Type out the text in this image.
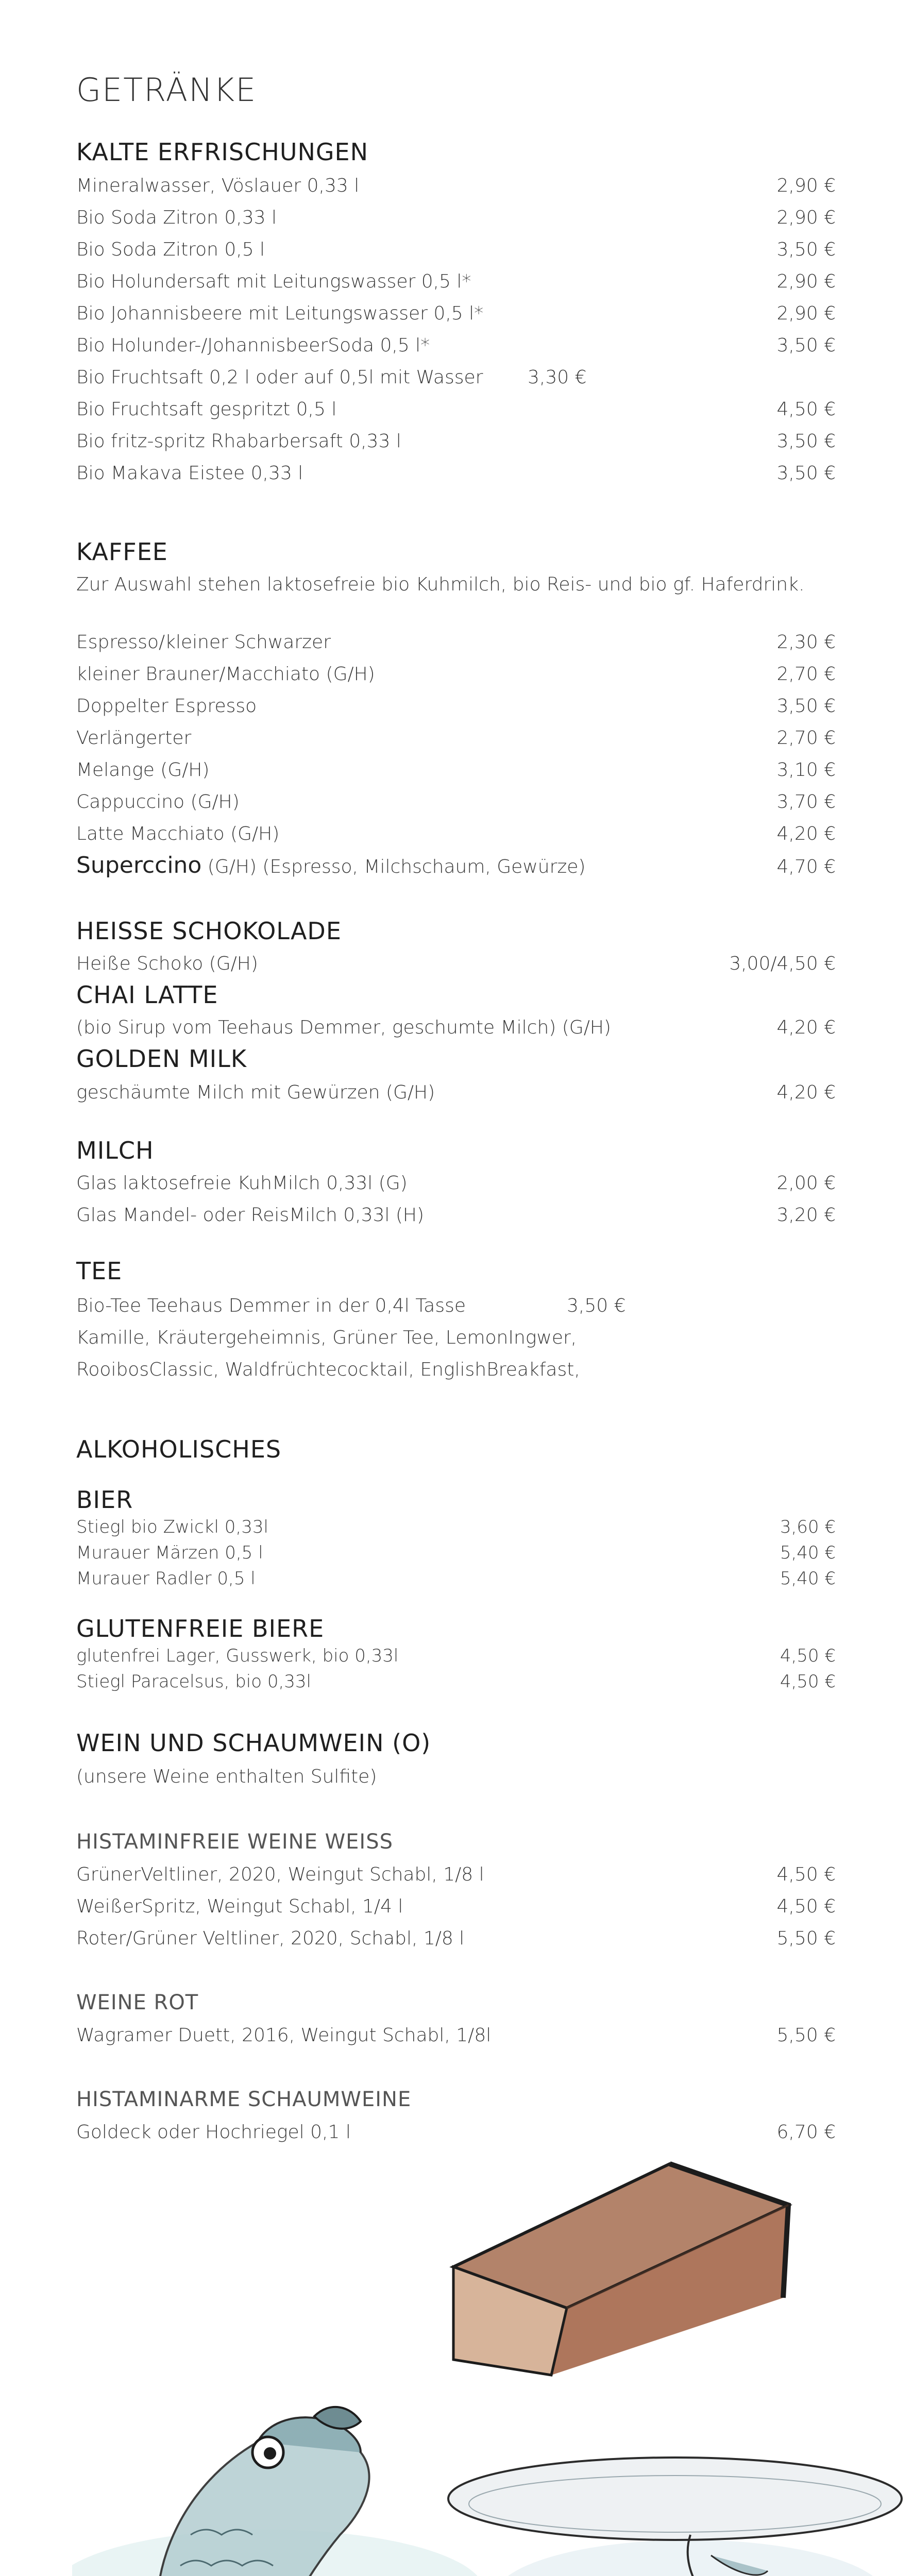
GETRÄNKE
KALTE ERFRISCHUNGEN
Mineralwasser, Vöslauer 0,33 l	2,90 €
Bio Soda Zitron 0,33 l	2,90 €
Bio Soda Zitron 0,5 l	3,50 €
Bio Holundersaft mit Leitungswasser 0,5 l*	2,90 €
Bio Johannisbeere mit Leitungswasser 0,5 l*	2,90 €
Bio Holunder-/JohannisbeerSoda 0,5 l*	3,50 €
Bio Fruchtsaft 0,2 l oder auf 0,5l mit Wasser 3,30 €
Bio Fruchtsaft gespritzt 0,5 l	4,50 €
Bio fritz-spritz Rhabarbersaft 0,33 l	3,50 €
Bio Makava Eistee 0,33 l	3,50 €
KAFFEE
Zur Auswahl stehen laktosefreie bio Kuhmilch, bio Reis- und bio gf. Haferdrink.
Espresso/kleiner Schwarzer	2,30 €
kleiner Brauner/Macchiato (G/H)	2,70 €
Doppelter Espresso	3,50 €
Verlängerter	2,70 €
Melange (G/H)	3,10 €
Cappuccino (G/H)	3,70 €
Latte Macchiato (G/H)	4,20 €
Superccino (G/H) (Espresso, Milchschaum, Gewürze)	4,70 €
HEISSE SCHOKOLADE
Heiße Schoko (G/H)	3,00/4,50 €
CHAI LATTE
(bio Sirup vom Teehaus Demmer, geschumte Milch) (G/H)	4,20 €
GOLDEN MILK
geschäumte Milch mit Gewürzen (G/H)	4,20 €
MILCH
Glas laktosefreie KuhMilch 0,33l (G)	2,00 €
Glas Mandel- oder ReisMilch 0,33l (H)	3,20 €
TEE
Bio-Tee Teehaus Demmer in der 0,4l Tasse	3,50 €
Kamille, Kräutergeheimnis, Grüner Tee, LemonIngwer,
RooibosClassic, Waldfrüchtecocktail, EnglishBreakfast,
ALKOHOLISCHES
BIER
Stiegl bio Zwickl 0,33l	3,60 €
Murauer Märzen 0,5 l	5,40 €
Murauer Radler 0,5 l	5,40 €
GLUTENFREIE BIERE
glutenfrei Lager, Gusswerk, bio 0,33l	4,50 €
Stiegl Paracelsus, bio 0,33l	4,50 €
WEIN UND SCHAUMWEIN (O)
(unsere Weine enthalten Sulfite)
HISTAMINFREIE WEINE WEISS
GrünerVeltliner, 2020, Weingut Schabl, 1/8 l	4,50 €
WeißerSpritz, Weingut Schabl, 1/4 l	4,50 €
Roter/Grüner Veltliner, 2020, Schabl, 1/8 l	5,50 €
WEINE ROT
Wagramer Duett, 2016, Weingut Schabl, 1/8l	5,50 €
HISTAMINARME SCHAUMWEINE
Goldeck oder Hochriegel 0,1 l	6,70 €
